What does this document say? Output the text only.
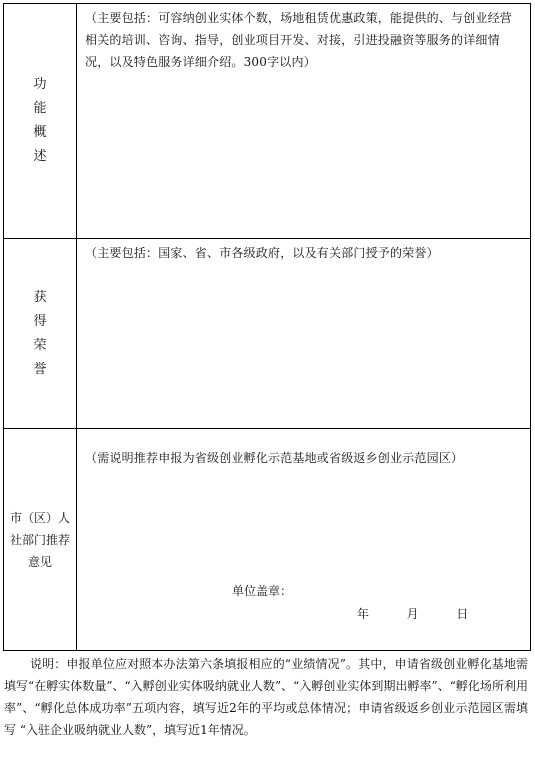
功
能
概
述
（主要包括：可容纳创业实体个数，场地租赁优惠政策，能提供的、与创业经营相关的培训、咨询、指导，创业项目开发、对接，引进投融资等服务的详细情况，以及特色服务详细介绍。300字以内）
获
得
荣
誉
（主要包括：国家、省、市各级政府，以及有关部门授予的荣誉）
市（区）人社部门推荐意见
（需说明推荐申报为省级创业孵化示范基地或省级返乡创业示范园区）
单位盖章：
年	月	日
说明：申报单位应对照本办法第六条填报相应的“业绩情况”。其中，申请省级创业孵化基地需填写“在孵实体数量”、“入孵创业实体吸纳就业人数”、“入孵创业实体到期出孵率”、“孵化场所利用率”、“孵化总体成功率”五项内容，填写近2年的平均或总体情况；申请省级返乡创业示范园区需填写 “入驻企业吸纳就业人数”，填写近1年情况。
